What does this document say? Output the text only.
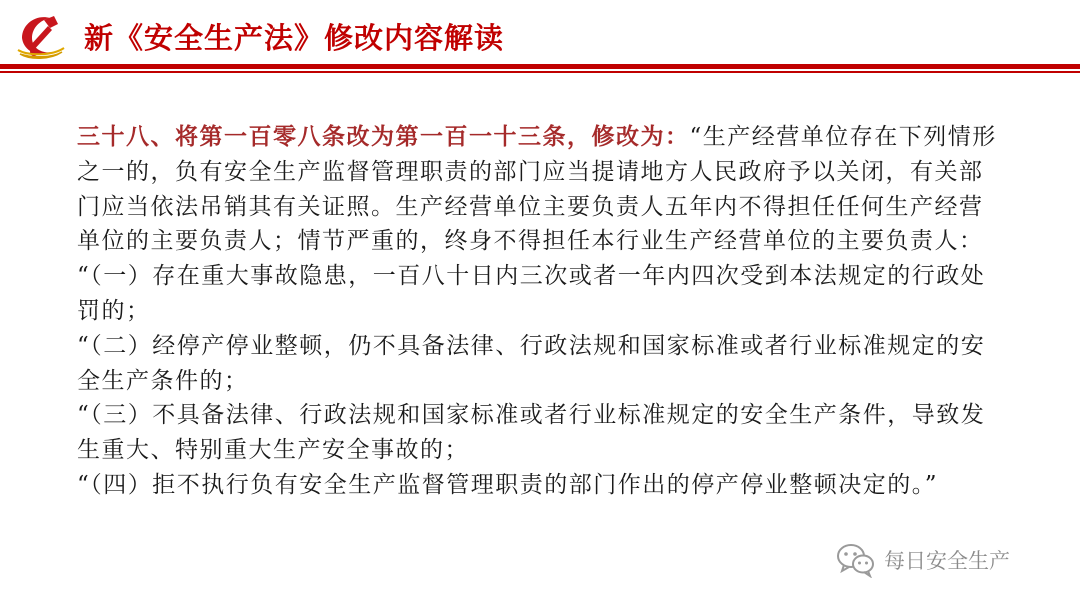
新《安全生产法》修改内容解读

三十八、将第一百零八条改为第一百一十三条，修改为：“生产经营单位存在下列情形之一的，负有安全生产监督管理职责的部门应当提请地方人民政府予以关闭，有关部门应当依法吊销其有关证照。生产经营单位主要负责人五年内不得担任任何生产经营单位的主要负责人；情节严重的，终身不得担任本行业生产经营单位的主要负责人：

“（一）存在重大事故隐患，一百八十日内三次或者一年内四次受到本法规定的行政处罚的；

“（二）经停产停业整顿，仍不具备法律、行政法规和国家标准或者行业标准规定的安全生产条件的；

“（三）不具备法律、行政法规和国家标准或者行业标准规定的安全生产条件，导致发生重大、特别重大生产安全事故的；

“（四）拒不执行负有安全生产监督管理职责的部门作出的停产停业整顿决定的。”

每日安全生产
